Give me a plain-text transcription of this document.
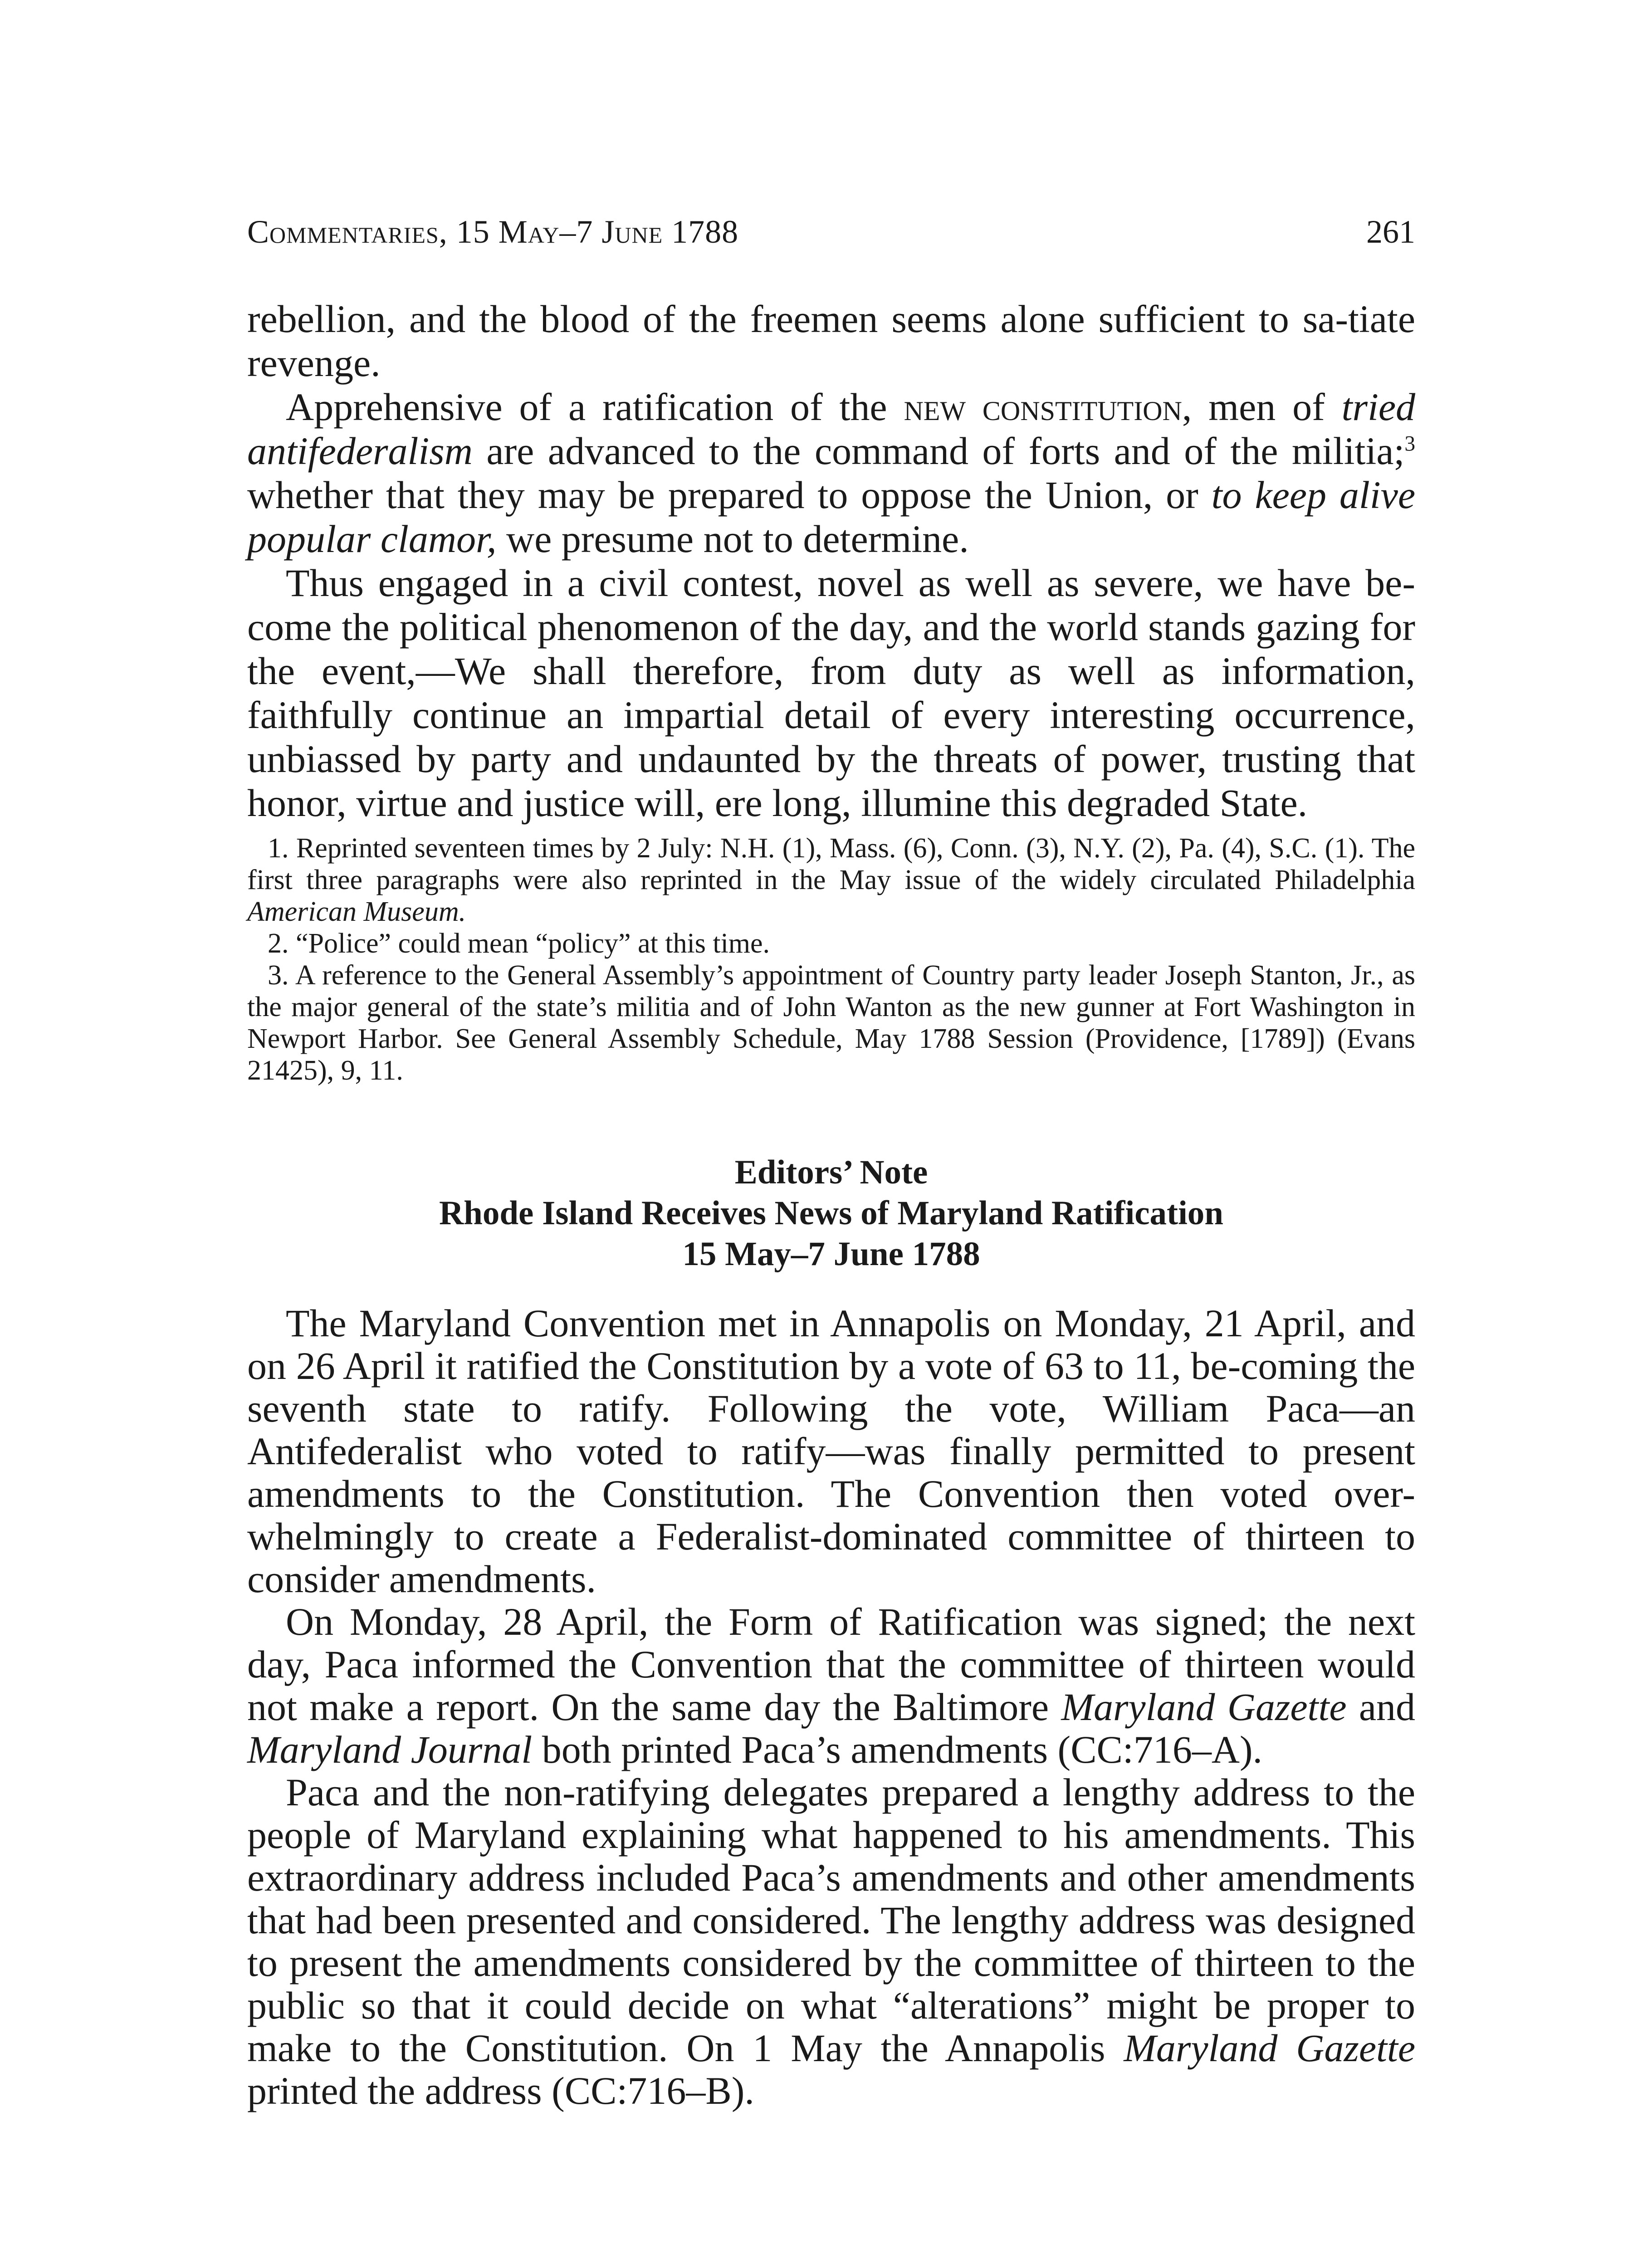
Commentaries, 15 May–7 June 1788	261

rebellion, and the blood of the freemen seems alone sufficient to sa-tiate revenge.

Apprehensive of a ratification of the new constitution, men of tried antifederalism are advanced to the command of forts and of the militia;$^3$ whether that they may be prepared to oppose the Union, or to keep alive popular clamor, we presume not to determine.

Thus engaged in a civil contest, novel as well as severe, we have be-come the political phenomenon of the day, and the world stands gazing for the event,—We shall therefore, from duty as well as information, faithfully continue an impartial detail of every interesting occurrence, unbiassed by party and undaunted by the threats of power, trusting that honor, virtue and justice will, ere long, illumine this degraded State.

1. Reprinted seventeen times by 2 July: N.H. (1), Mass. (6), Conn. (3), N.Y. (2), Pa. (4), S.C. (1). The first three paragraphs were also reprinted in the May issue of the widely circulated Philadelphia American Museum.

2. “Police” could mean “policy” at this time.

3. A reference to the General Assembly’s appointment of Country party leader Joseph Stanton, Jr., as the major general of the state’s militia and of John Wanton as the new gunner at Fort Washington in Newport Harbor. See General Assembly Schedule, May 1788 Session (Providence, [1789]) (Evans 21425), 9, 11.

Editors’ Note
Rhode Island Receives News of Maryland Ratification
15 May–7 June 1788

The Maryland Convention met in Annapolis on Monday, 21 April, and on 26 April it ratified the Constitution by a vote of 63 to 11, be-coming the seventh state to ratify. Following the vote, William Paca—an Antifederalist who voted to ratify—was finally permitted to present amendments to the Constitution. The Convention then voted over-whelmingly to create a Federalist-dominated committee of thirteen to consider amendments.

On Monday, 28 April, the Form of Ratification was signed; the next day, Paca informed the Convention that the committee of thirteen would not make a report. On the same day the Baltimore Maryland Gazette and Maryland Journal both printed Paca’s amendments (CC:716–A).

Paca and the non-ratifying delegates prepared a lengthy address to the people of Maryland explaining what happened to his amendments. This extraordinary address included Paca’s amendments and other amendments that had been presented and considered. The lengthy address was designed to present the amendments considered by the committee of thirteen to the public so that it could decide on what “alterations” might be proper to make to the Constitution. On 1 May the Annapolis Maryland Gazette printed the address (CC:716–B).
